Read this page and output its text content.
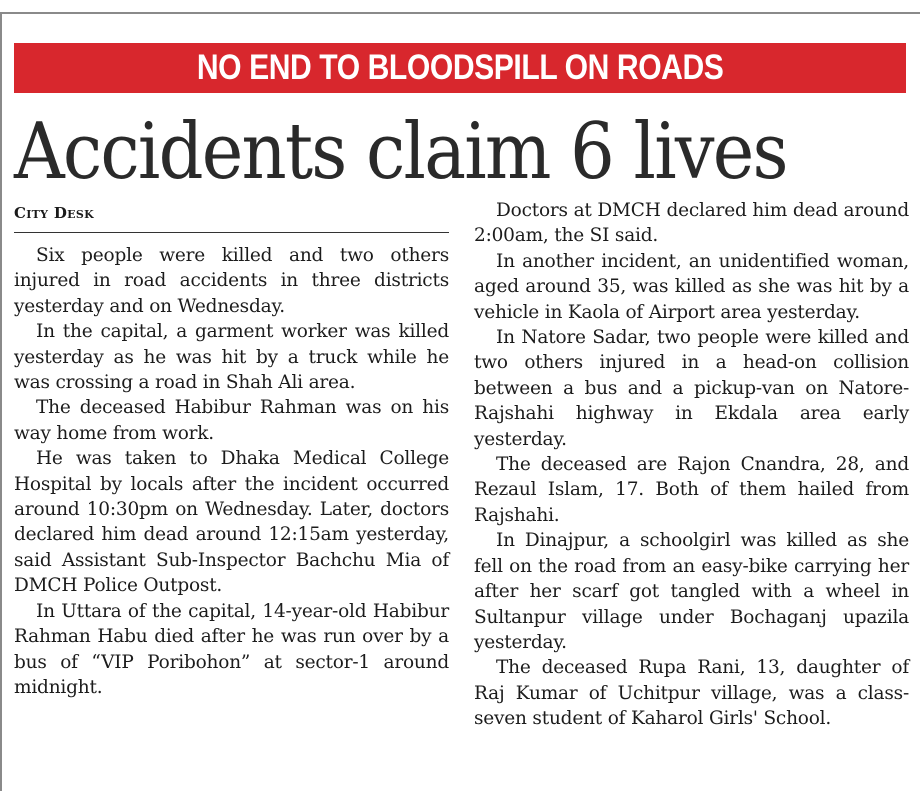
NO END TO BLOODSPILL ON ROADS
Accidents claim 6 lives
City Desk

Six people were killed and two others injured in road accidents in three districts yesterday and on Wednesday.

In the capital, a garment worker was killed yesterday as he was hit by a truck while he was crossing a road in Shah Ali area.

The deceased Habibur Rahman was on his way home from work.

He was taken to Dhaka Medical College Hospital by locals after the incident occurred around 10:30pm on Wednesday. Later, doctors declared him dead around 12:15am yesterday, said Assistant Sub-Inspector Bachchu Mia of DMCH Police Outpost.

In Uttara of the capital, 14-year-old Habibur Rahman Habu died after he was run over by a bus of “VIP Poribohon” at sector-1 around midnight.

Doctors at DMCH declared him dead around 2:00am, the SI said.

In another incident, an unidentified woman, aged around 35, was killed as she was hit by a vehicle in Kaola of Airport area yesterday.

In Natore Sadar, two people were killed and two others injured in a head-on collision between a bus and a pickup-van on Natore-Rajshahi highway in Ekdala area early yesterday.

The deceased are Rajon Cnandra, 28, and Rezaul Islam, 17. Both of them hailed from Rajshahi.

In Dinajpur, a schoolgirl was killed as she fell on the road from an easy-bike carrying her after her scarf got tangled with a wheel in Sultanpur village under Bochaganj upazila yesterday.

The deceased Rupa Rani, 13, daughter of Raj Kumar of Uchitpur village, was a class-seven student of Kaharol Girls' School.
